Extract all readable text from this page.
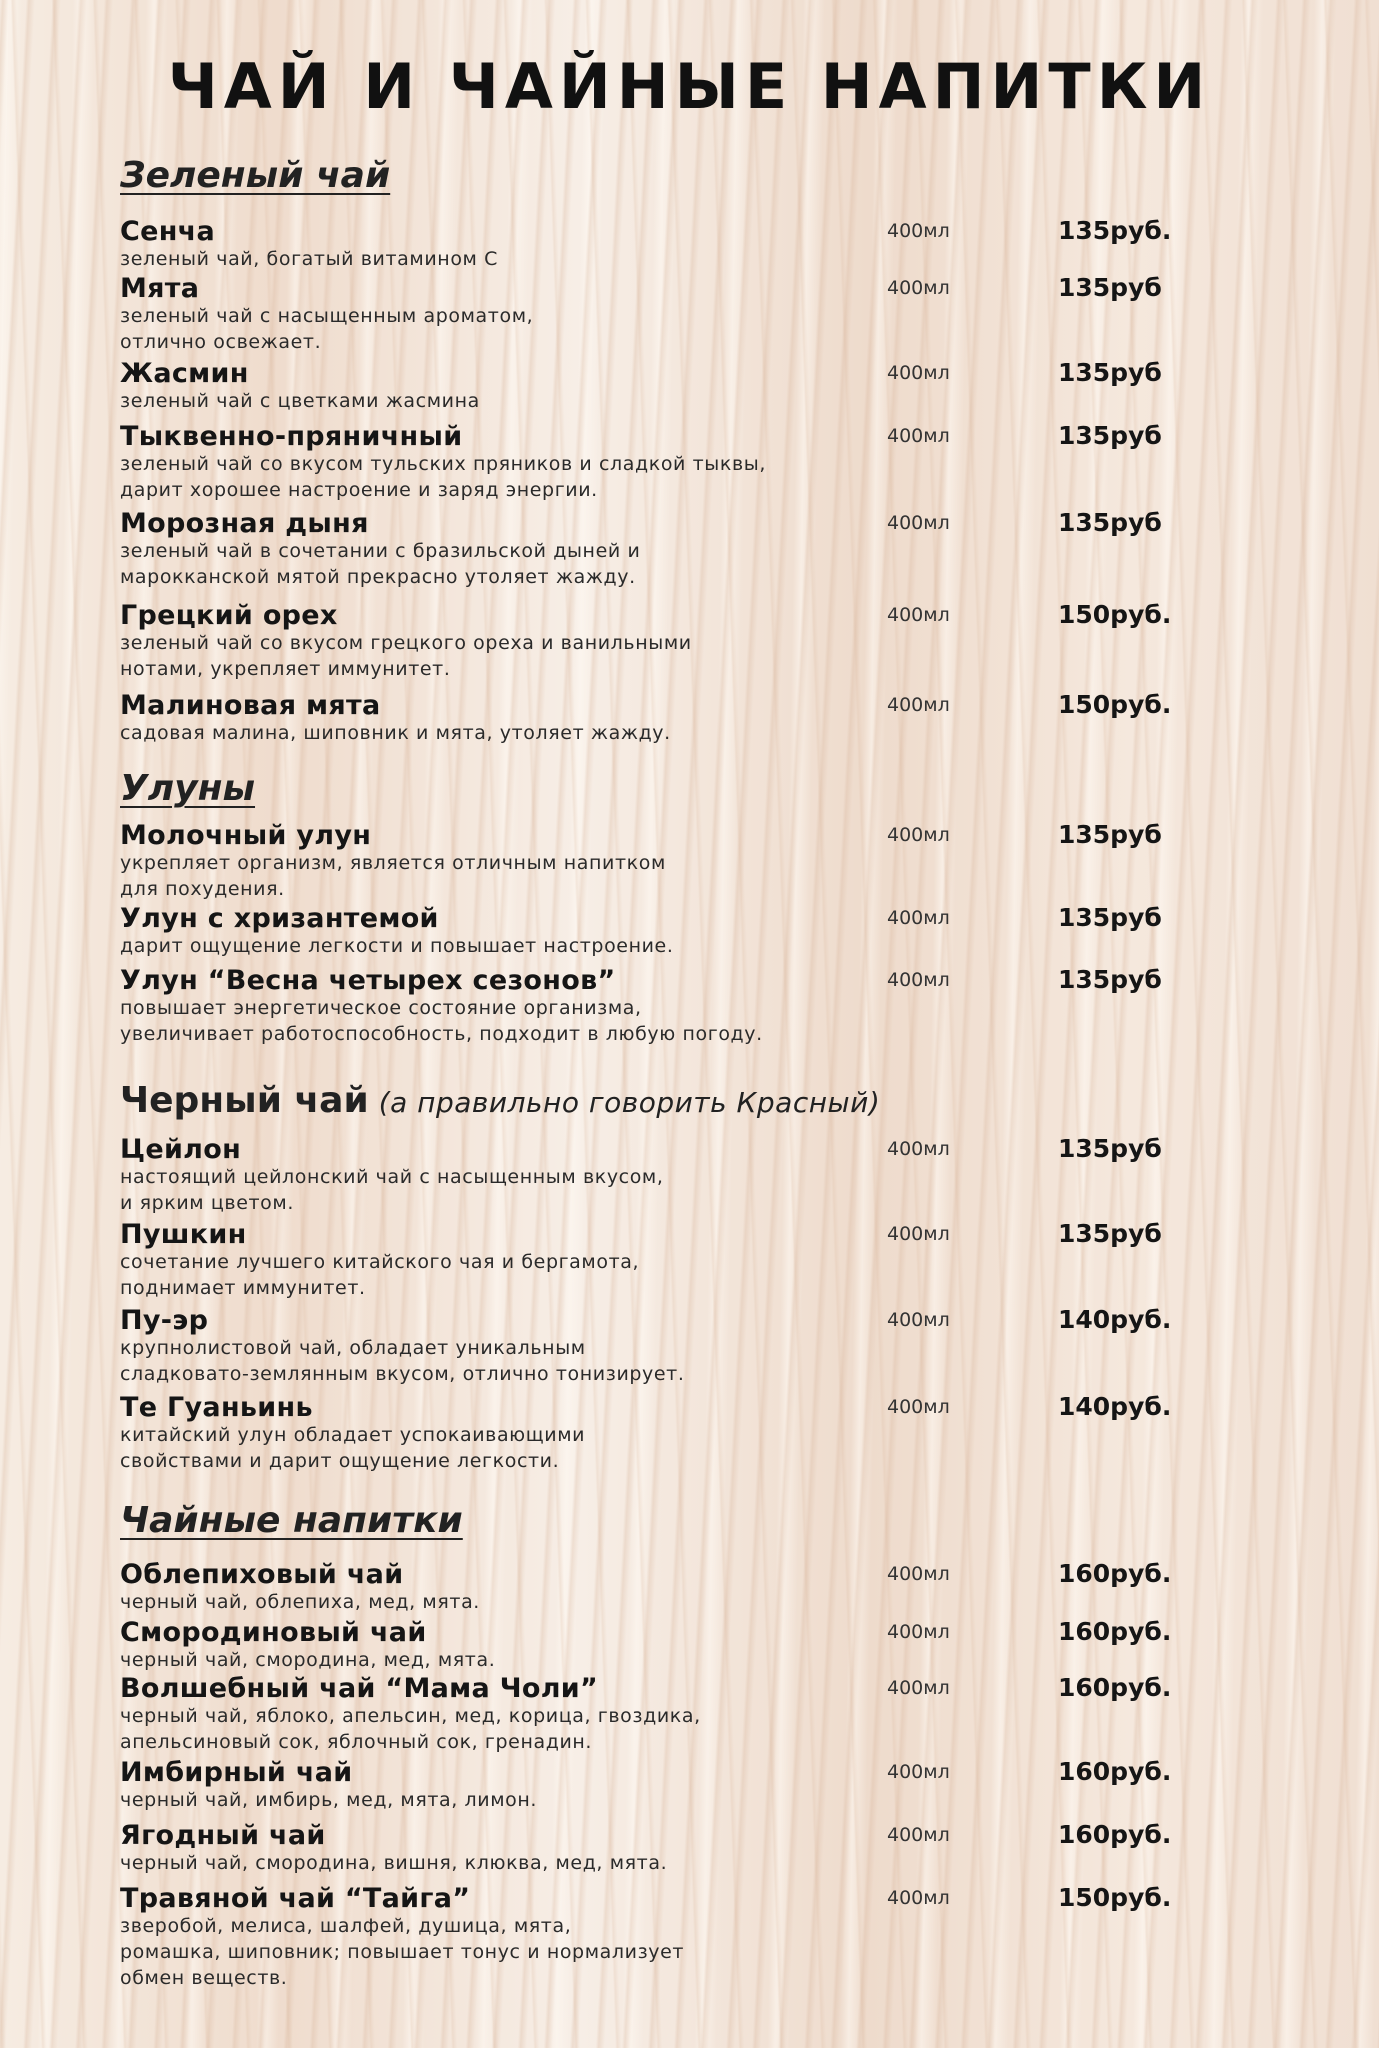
ЧАЙ И ЧАЙНЫЕ НАПИТКИ
Зеленый чай
Сенча
зеленый чай, богатый витамином С
400мл	135руб.
Мята
зеленый чай с насыщенным ароматом,
отлично освежает.
400мл	135руб
Жасмин
зеленый чай с цветками жасмина
400мл	135руб
Тыквенно-пряничный
зеленый чай со вкусом тульских пряников и сладкой тыквы,
дарит хорошее настроение и заряд энергии.
400мл	135руб
Морозная дыня
зеленый чай в сочетании с бразильской дыней и
марокканской мятой прекрасно утоляет жажду.
400мл	135руб
Грецкий орех
зеленый чай со вкусом грецкого ореха и ванильными
нотами, укрепляет иммунитет.
400мл	150руб.
Малиновая мята
садовая малина, шиповник и мята, утоляет жажду.
400мл	150руб.
Улуны
Молочный улун
укрепляет организм, является отличным напитком
для похудения.
400мл	135руб
Улун с хризантемой
дарит ощущение легкости и повышает настроение.
400мл	135руб
Улун “Весна четырех сезонов”
повышает энергетическое состояние организма,
увеличивает работоспособность, подходит в любую погоду.
400мл	135руб
Черный чай (а правильно говорить Красный)
Цейлон
настоящий цейлонский чай с насыщенным вкусом,
и ярким цветом.
400мл	135руб
Пушкин
сочетание лучшего китайского чая и бергамота,
поднимает иммунитет.
400мл	135руб
Пу-эр
крупнолистовой чай, обладает уникальным
сладковато-землянным вкусом, отлично тонизирует.
400мл	140руб.
Те Гуаньинь
китайский улун обладает успокаивающими
свойствами и дарит ощущение легкости.
400мл	140руб.
Чайные напитки
Облепиховый чай
черный чай, облепиха, мед, мята.
400мл	160руб.
Смородиновый чай
черный чай, смородина, мед, мята.
400мл	160руб.
Волшебный чай “Мама Чоли”
черный чай, яблоко, апельсин, мед, корица, гвоздика,
апельсиновый сок, яблочный сок, гренадин.
400мл	160руб.
Имбирный чай
черный чай, имбирь, мед, мята, лимон.
400мл	160руб.
Ягодный чай
черный чай, смородина, вишня, клюква, мед, мята.
400мл	160руб.
Травяной чай “Тайга”
зверобой, мелиса, шалфей, душица, мята,
ромашка, шиповник; повышает тонус и нормализует
обмен веществ.
400мл	150руб.
